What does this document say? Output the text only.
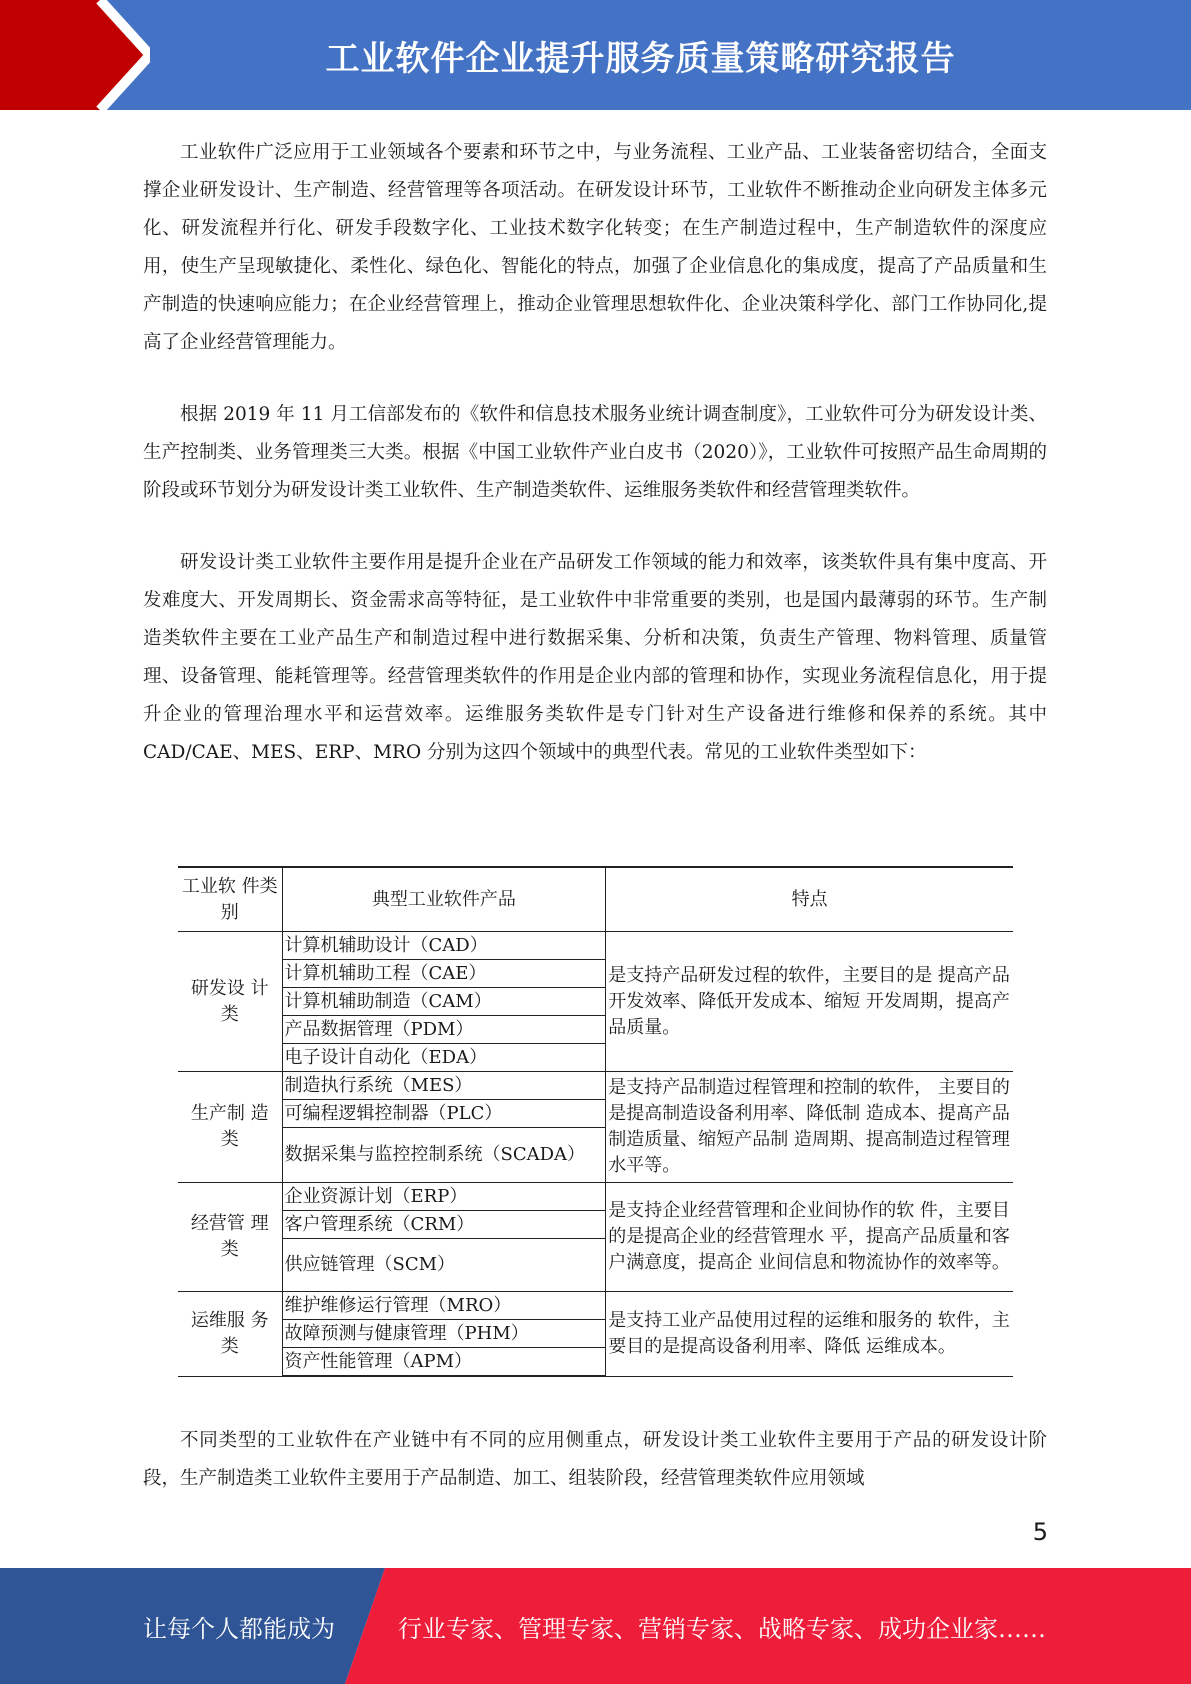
工业软件企业提升服务质量策略研究报告

工业软件广泛应用于工业领域各个要素和环节之中，与业务流程、工业产品、工业装备密切结合，全面支撑企业研发设计、生产制造、经营管理等各项活动。在研发设计环节，工业软件不断推动企业向研发主体多元化、研发流程并行化、研发手段数字化、工业技术数字化转变；在生产制造过程中，生产制造软件的深度应用，使生产呈现敏捷化、柔性化、绿色化、智能化的特点，加强了企业信息化的集成度，提高了产品质量和生产制造的快速响应能力；在企业经营管理上，推动企业管理思想软件化、企业决策科学化、部门工作协同化,提高了企业经营管理能力。

根据 2019 年 11 月工信部发布的《软件和信息技术服务业统计调查制度》，工业软件可分为研发设计类、生产控制类、业务管理类三大类。根据《中国工业软件产业白皮书（2020）》，工业软件可按照产品生命周期的阶段或环节划分为研发设计类工业软件、生产制造类软件、运维服务类软件和经营管理类软件。

研发设计类工业软件主要作用是提升企业在产品研发工作领域的能力和效率，该类软件具有集中度高、开发难度大、开发周期长、资金需求高等特征，是工业软件中非常重要的类别，也是国内最薄弱的环节。生产制造类软件主要在工业产品生产和制造过程中进行数据采集、分析和决策，负责生产管理、物料管理、质量管理、设备管理、能耗管理等。经营管理类软件的作用是企业内部的管理和协作，实现业务流程信息化，用于提升企业的管理治理水平和运营效率。运维服务类软件是专门针对生产设备进行维修和保养的系统。其中 CAD/CAE、MES、ERP、MRO 分别为这四个领域中的典型代表。常见的工业软件类型如下：

工业软 件类别	典型工业软件产品	特点
研发设 计类	计算机辅助设计（CAD）	是支持产品研发过程的软件，主要目的是 提高产品开发效率、降低开发成本、缩短 开发周期，提高产品质量。
	计算机辅助工程（CAE）	
	计算机辅助制造（CAM）	
	产品数据管理（PDM）	
	电子设计自动化（EDA）	
生产制 造类	制造执行系统（MES）	是支持产品制造过程管理和控制的软件， 主要目的是提高制造设备利用率、降低制 造成本、提髙产品制造质量、缩短产品制 造周期、提高制造过程管理水平等。
	可编程逻辑控制器（PLC）	
	数据采集与监控控制系统（SCADA）	
经营管 理类	企业资源计划（ERP）	是支持企业经营管理和企业间协作的软 件，主要目的是提高企业的经营管理水 平，提高产品质量和客户满意度，提高企 业间信息和物流协作的效率等。
	客户管理系统（CRM）	
	供应链管理（SCM）	
运维服 务类	维护维修运行管理（MRO）	是支持工业产品使用过程的运维和服务的 软件，主要目的是提高设备利用率、降低 运维成本。
	故障预测与健康管理（PHM）	
	资产性能管理（APM）	

不同类型的工业软件在产业链中有不同的应用侧重点，研发设计类工业软件主要用于产品的研发设计阶段，生产制造类工业软件主要用于产品制造、加工、组装阶段，经营管理类软件应用领域

5
让每个人都能成为	行业专家、管理专家、营销专家、战略专家、成功企业家……
